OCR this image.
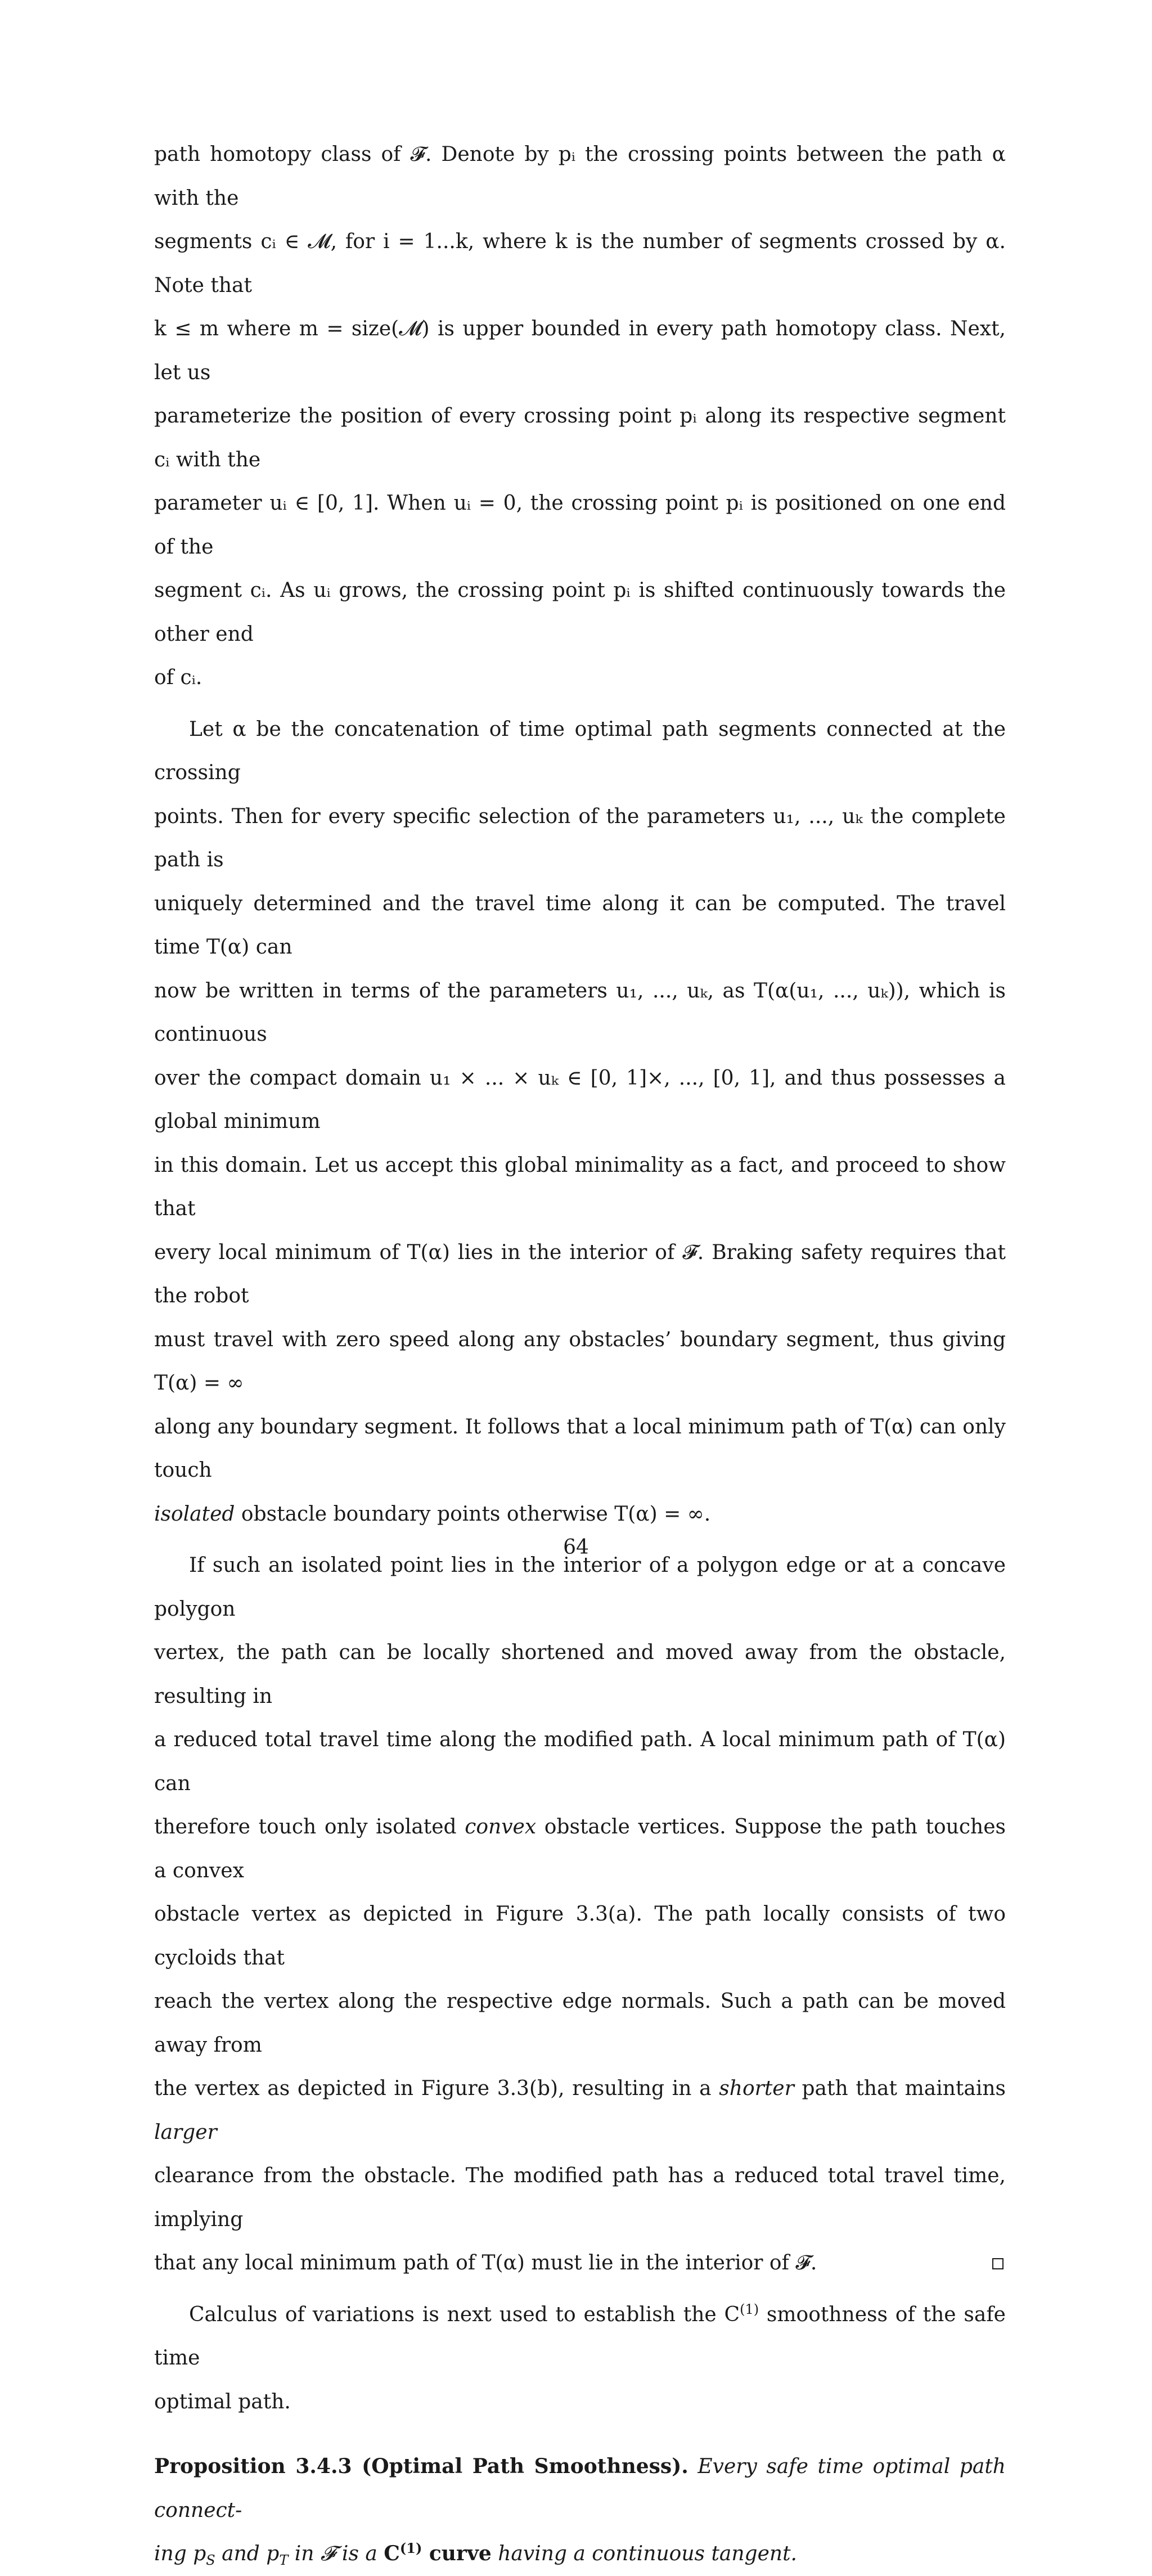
path homotopy class of 𝓕. Denote by pᵢ the crossing points between the path α with the

segments cᵢ ∈ 𝓜, for i = 1...k, where k is the number of segments crossed by α. Note that

k ≤ m where m = size(𝓜) is upper bounded in every path homotopy class. Next, let us

parameterize the position of every crossing point pᵢ along its respective segment cᵢ with the

parameter uᵢ ∈ [0, 1]. When uᵢ = 0, the crossing point pᵢ is positioned on one end of the

segment cᵢ. As uᵢ grows, the crossing point pᵢ is shifted continuously towards the other end

of cᵢ.

Let α be the concatenation of time optimal path segments connected at the crossing

points. Then for every specific selection of the parameters u₁, ..., uₖ the complete path is

uniquely determined and the travel time along it can be computed. The travel time T(α) can

now be written in terms of the parameters u₁, ..., uₖ, as T(α(u₁, ..., uₖ)), which is continuous

over the compact domain u₁ × ... × uₖ ∈ [0, 1]×, ..., [0, 1], and thus possesses a global minimum

in this domain. Let us accept this global minimality as a fact, and proceed to show that

every local minimum of T(α) lies in the interior of 𝓕. Braking safety requires that the robot

must travel with zero speed along any obstacles’ boundary segment, thus giving T(α) = ∞

along any boundary segment. It follows that a local minimum path of T(α) can only touch

isolated obstacle boundary points otherwise T(α) = ∞.

If such an isolated point lies in the interior of a polygon edge or at a concave polygon

vertex, the path can be locally shortened and moved away from the obstacle, resulting in

a reduced total travel time along the modified path. A local minimum path of T(α) can

therefore touch only isolated convex obstacle vertices. Suppose the path touches a convex

obstacle vertex as depicted in Figure 3.3(a). The path locally consists of two cycloids that

reach the vertex along the respective edge normals. Such a path can be moved away from

the vertex as depicted in Figure 3.3(b), resulting in a shorter path that maintains larger

clearance from the obstacle. The modified path has a reduced total travel time, implying

that any local minimum path of T(α) must lie in the interior of 𝓕.

Calculus of variations is next used to establish the $C^{(1)}$ smoothness of the safe time

optimal path.

Proposition 3.4.3 (Optimal Path Smoothness). Every safe time optimal path connect-

ing $p_S$ and $p_T$ in 𝓕 is a $C^{(1)}$ curve having a continuous tangent.

64
